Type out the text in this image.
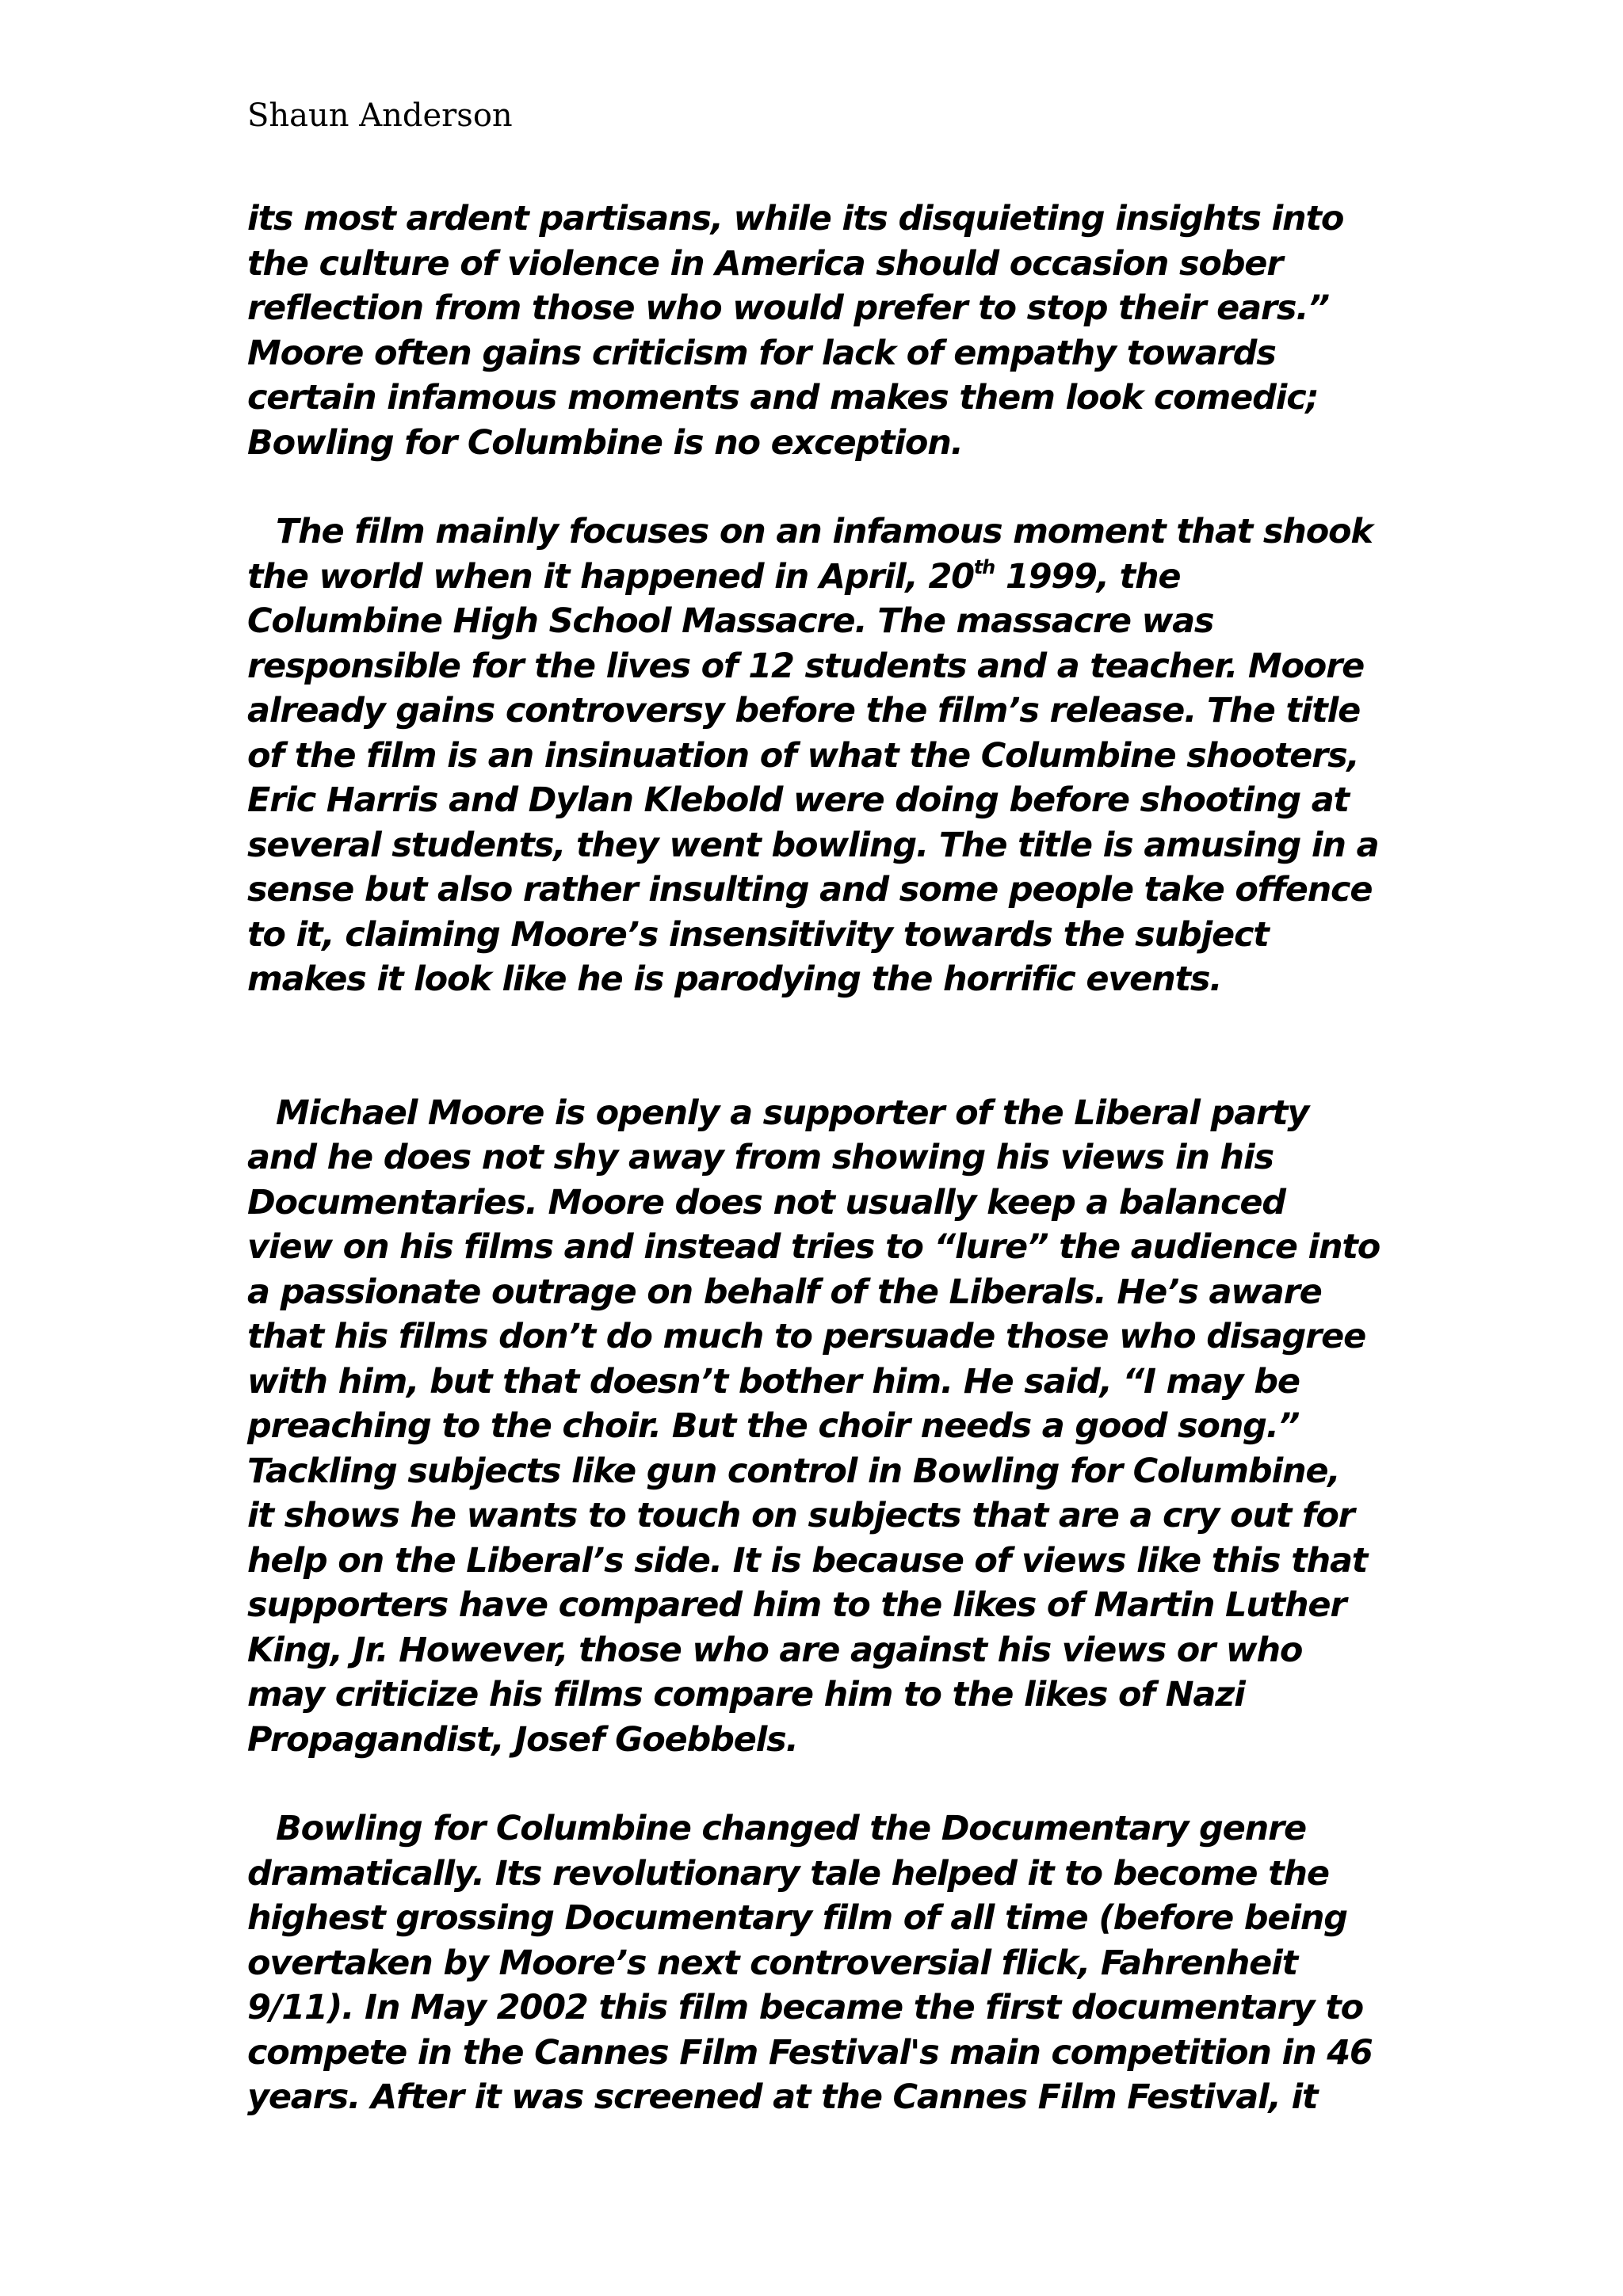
Shaun Anderson

its most ardent partisans, while its disquieting insights into
the culture of violence in America should occasion sober
reflection from those who would prefer to stop their ears.”
Moore often gains criticism for lack of empathy towards
certain infamous moments and makes them look comedic;
Bowling for Columbine is no exception.
The film mainly focuses on an infamous moment that shook
the world when it happened in April, 20th 1999, the
Columbine High School Massacre. The massacre was
responsible for the lives of 12 students and a teacher. Moore
already gains controversy before the film’s release. The title
of the film is an insinuation of what the Columbine shooters,
Eric Harris and Dylan Klebold were doing before shooting at
several students, they went bowling. The title is amusing in a
sense but also rather insulting and some people take offence
to it, claiming Moore’s insensitivity towards the subject
makes it look like he is parodying the horrific events.
Michael Moore is openly a supporter of the Liberal party
and he does not shy away from showing his views in his
Documentaries. Moore does not usually keep a balanced
view on his films and instead tries to “lure” the audience into
a passionate outrage on behalf of the Liberals. He’s aware
that his films don’t do much to persuade those who disagree
with him, but that doesn’t bother him. He said, “I may be
preaching to the choir. But the choir needs a good song.”
Tackling subjects like gun control in Bowling for Columbine,
it shows he wants to touch on subjects that are a cry out for
help on the Liberal’s side. It is because of views like this that
supporters have compared him to the likes of Martin Luther
King, Jr. However, those who are against his views or who
may criticize his films compare him to the likes of Nazi
Propagandist, Josef Goebbels.
Bowling for Columbine changed the Documentary genre
dramatically. Its revolutionary tale helped it to become the
highest grossing Documentary film of all time (before being
overtaken by Moore’s next controversial flick, Fahrenheit
9/11). In May 2002 this film became the first documentary to
compete in the Cannes Film Festival's main competition in 46
years. After it was screened at the Cannes Film Festival, it
